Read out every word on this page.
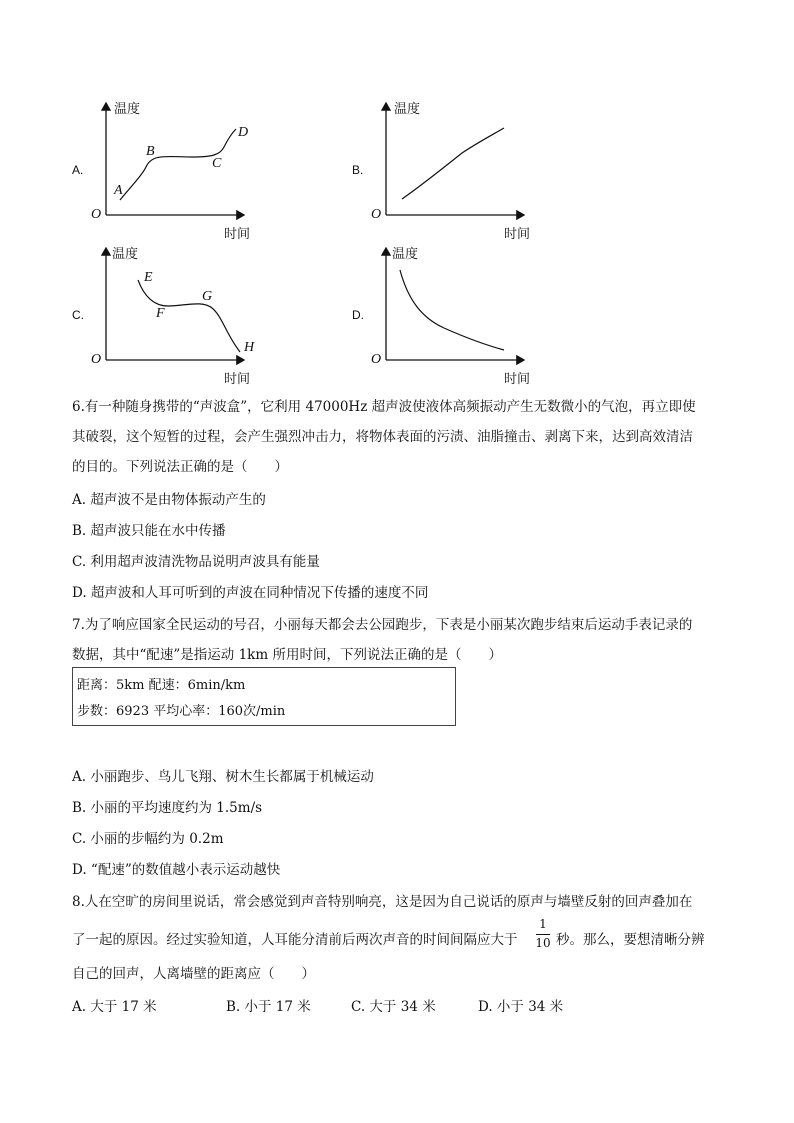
A.
温度
时间
O
A
B
C
D
B.
温度
时间
O
C.
温度
时间
O
E
F
G
H
D.
温度
时间
O
6.有一种随身携带的“声波盒”，它利用 47000Hz 超声波使液体高频振动产生无数微小的气泡，再立即使
其破裂，这个短暂的过程，会产生强烈冲击力，将物体表面的污渍、油脂撞击、剥离下来，达到高效清洁
的目的。下列说法正确的是（　　）
A. 超声波不是由物体振动产生的
B. 超声波只能在水中传播
C. 利用超声波清洗物品说明声波具有能量
D. 超声波和人耳可听到的声波在同种情况下传播的速度不同
7.为了响应国家全民运动的号召，小丽每天都会去公园跑步，下表是小丽某次跑步结束后运动手表记录的
数据，其中“配速”是指运动 1km 所用时间，下列说法正确的是（　　）
距离：5km 配速：6min/km
步数：6923 平均心率：160次/min
A. 小丽跑步、鸟儿飞翔、树木生长都属于机械运动
B. 小丽的平均速度约为 1.5m/s
C. 小丽的步幅约为 0.2m
D. “配速”的数值越小表示运动越快
8.人在空旷的房间里说话，常会感觉到声音特别响亮，这是因为自己说话的原声与墙壁反射的回声叠加在
了一起的原因。经过实验知道，人耳能分清前后两次声音的时间间隔应大于
1
10 秒。那么，要想清晰分辨
自己的回声，人离墙壁的距离应（　　）
A. 大于 17 米	B. 小于 17 米	C. 大于 34 米	D. 小于 34 米
